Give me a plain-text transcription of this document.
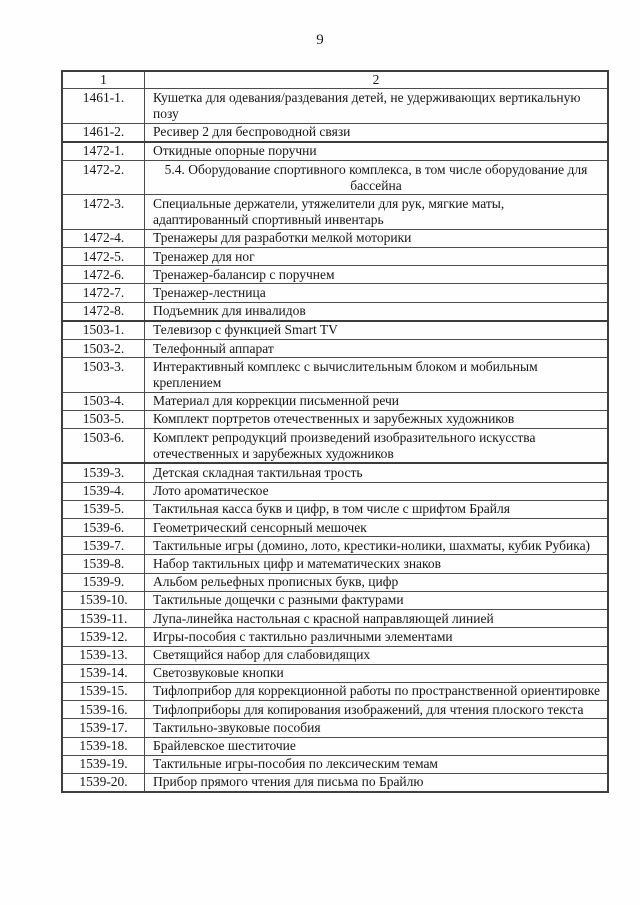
9
1	2
1461-1.	Кушетка для одевания/раздевания детей, не удерживающих вертикальную позу
1461-2.	Ресивер 2 для беспроводной связи
1472-1.	Откидные опорные поручни
1472-2.	5.4. Оборудование спортивного комплекса, в том числе оборудование для бассейна
1472-3.	Специальные держатели, утяжелители для рук, мягкие маты, адаптированный спортивный инвентарь
1472-4.	Тренажеры для разработки мелкой моторики
1472-5.	Тренажер для ног
1472-6.	Тренажер-балансир с поручнем
1472-7.	Тренажер-лестница
1472-8.	Подъемник для инвалидов
1503-1.	Телевизор с функцией Smart TV
1503-2.	Телефонный аппарат
1503-3.	Интерактивный комплекс с вычислительным блоком и мобильным креплением
1503-4.	Материал для коррекции письменной речи
1503-5.	Комплект портретов отечественных и зарубежных художников
1503-6.	Комплект репродукций произведений изобразительного искусства отечественных и зарубежных художников
1539-3.	Детская складная тактильная трость
1539-4.	Лото ароматическое
1539-5.	Тактильная касса букв и цифр, в том числе с шрифтом Брайля
1539-6.	Геометрический сенсорный мешочек
1539-7.	Тактильные игры (домино, лото, крестики-нолики, шахматы, кубик Рубика)
1539-8.	Набор тактильных цифр и математических знаков
1539-9.	Альбом рельефных прописных букв, цифр
1539-10.	Тактильные дощечки с разными фактурами
1539-11.	Лупа-линейка настольная с красной направляющей линией
1539-12.	Игры-пособия с тактильно различными элементами
1539-13.	Светящийся набор для слабовидящих
1539-14.	Светозвуковые кнопки
1539-15.	Тифлоприбор для коррекционной работы по пространственной ориентировке
1539-16.	Тифлоприборы для копирования изображений, для чтения плоского текста
1539-17.	Тактильно-звуковые пособия
1539-18.	Брайлевское шеститочие
1539-19.	Тактильные игры-пособия по лексическим темам
1539-20.	Прибор прямого чтения для письма по Брайлю
